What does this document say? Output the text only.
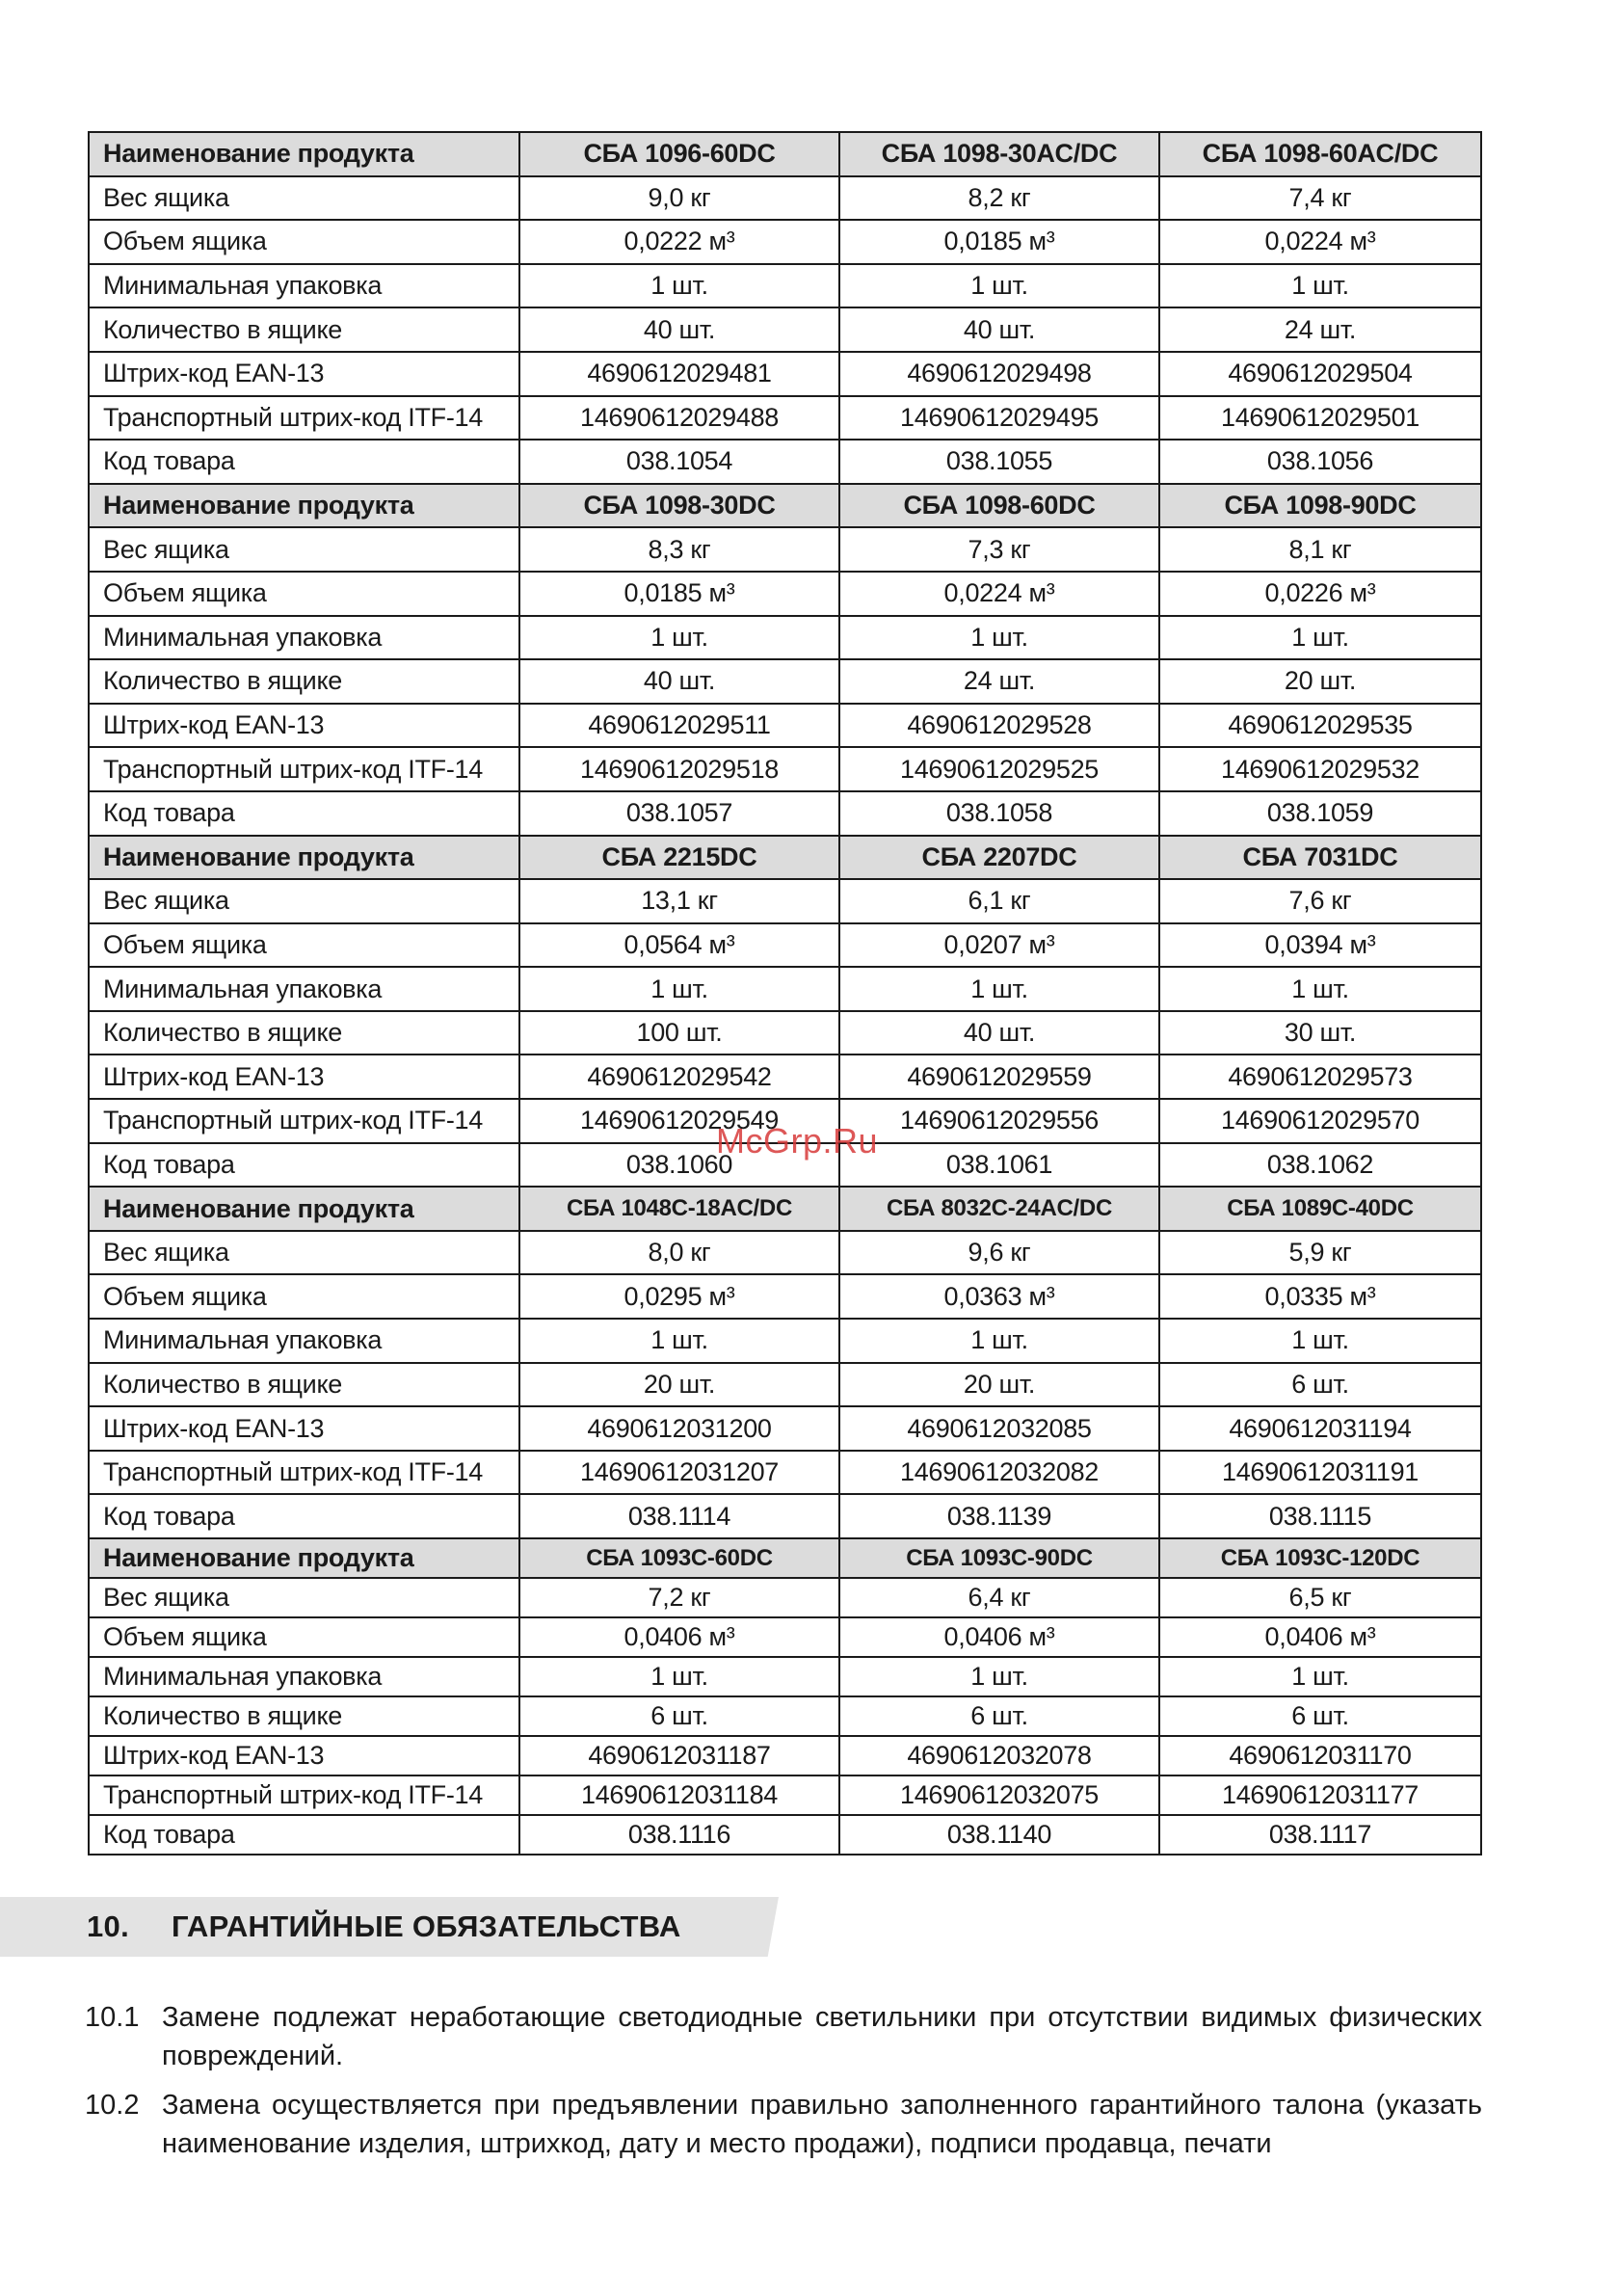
Наименование продукта	СБА 1096-60DC	СБА 1098-30AC/DC	СБА 1098-60AC/DC
Вес ящика	9,0 кг	8,2 кг	7,4 кг
Объем ящика	0,0222 м³	0,0185 м³	0,0224 м³
Минимальная упаковка	1 шт.	1 шт.	1 шт.
Количество в ящике	40 шт.	40 шт.	24 шт.
Штрих-код EAN-13	4690612029481	4690612029498	4690612029504
Транспортный штрих-код ITF-14	14690612029488	14690612029495	14690612029501
Код товара	038.1054	038.1055	038.1056
Наименование продукта	СБА 1098-30DC	СБА 1098-60DC	СБА 1098-90DC
Вес ящика	8,3 кг	7,3 кг	8,1 кг
Объем ящика	0,0185 м³	0,0224 м³	0,0226 м³
Минимальная упаковка	1 шт.	1 шт.	1 шт.
Количество в ящике	40 шт.	24 шт.	20 шт.
Штрих-код EAN-13	4690612029511	4690612029528	4690612029535
Транспортный штрих-код ITF-14	14690612029518	14690612029525	14690612029532
Код товара	038.1057	038.1058	038.1059
Наименование продукта	СБА 2215DC	СБА 2207DC	СБА 7031DC
Вес ящика	13,1 кг	6,1 кг	7,6 кг
Объем ящика	0,0564 м³	0,0207 м³	0,0394 м³
Минимальная упаковка	1 шт.	1 шт.	1 шт.
Количество в ящике	100 шт.	40 шт.	30 шт.
Штрих-код EAN-13	4690612029542	4690612029559	4690612029573
Транспортный штрих-код ITF-14	14690612029549	14690612029556	14690612029570
Код товара	038.1060	038.1061	038.1062
Наименование продукта	СБА 1048С-18AC/DC	СБА 8032С-24AC/DC	СБА 1089С-40DC
Вес ящика	8,0 кг	9,6 кг	5,9 кг
Объем ящика	0,0295 м³	0,0363 м³	0,0335 м³
Минимальная упаковка	1 шт.	1 шт.	1 шт.
Количество в ящике	20 шт.	20 шт.	6 шт.
Штрих-код EAN-13	4690612031200	4690612032085	4690612031194
Транспортный штрих-код ITF-14	14690612031207	14690612032082	14690612031191
Код товара	038.1114	038.1139	038.1115
Наименование продукта	СБА 1093С-60DC	СБА 1093С-90DC	СБА 1093С-120DC
Вес ящика	7,2 кг	6,4 кг	6,5 кг
Объем ящика	0,0406 м³	0,0406 м³	0,0406 м³
Минимальная упаковка	1 шт.	1 шт.	1 шт.
Количество в ящике	6 шт.	6 шт.	6 шт.
Штрих-код EAN-13	4690612031187	4690612032078	4690612031170
Транспортный штрих-код ITF-14	14690612031184	14690612032075	14690612031177
Код товара	038.1116	038.1140	038.1117
10. ГАРАНТИЙНЫЕ ОБЯЗАТЕЛЬСТВА
10.1 Замене подлежат неработающие светодиодные светильники при отсутствии видимых физических повреждений.
10.2 Замена осуществляется при предъявлении правильно заполненного гарантийного талона (указать наименование изделия, штрихкод, дату и место продажи), подписи продавца, печати
McGrp.Ru
